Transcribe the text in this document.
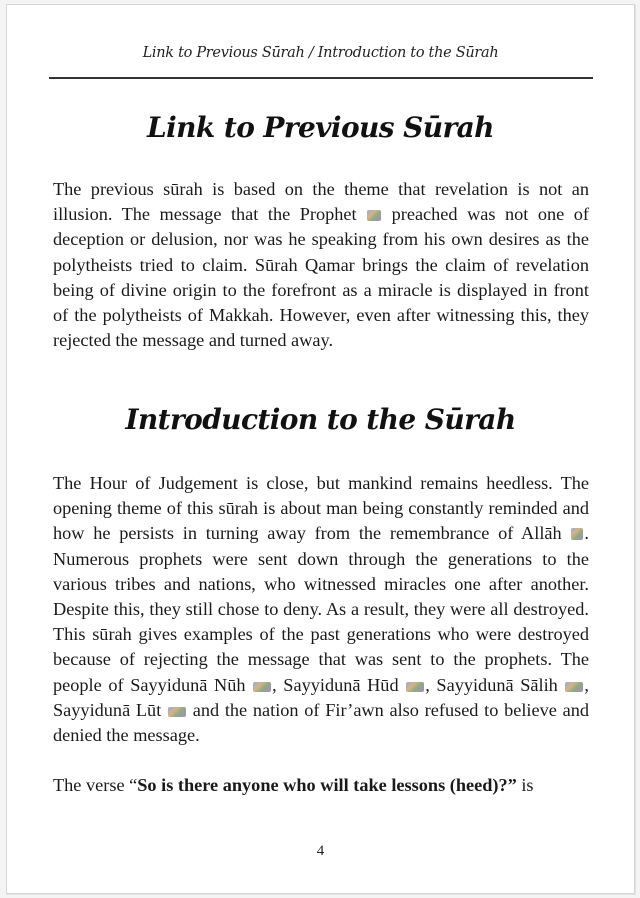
Link to Previous Sūrah / Introduction to the Sūrah
Link to Previous Sūrah

The previous sūrah is based on the theme that revelation is not an illusion. The message that the Prophet  preached was not one of deception or delusion, nor was he speaking from his own desires as the polytheists tried to claim. Sūrah Qamar brings the claim of revelation being of divine origin to the forefront as a miracle is displayed in front of the polytheists of Makkah. However, even after witnessing this, they rejected the message and turned away.

Introduction to the Sūrah

The Hour of Judgement is close, but mankind remains heedless. The opening theme of this sūrah is about man being constantly reminded and how he persists in turning away from the remembrance of Allāh . Numerous prophets were sent down through the generations to the various tribes and nations, who witnessed miracles one after another. Despite this, they still chose to deny. As a result, they were all destroyed. This sūrah gives examples of the past generations who were destroyed because of rejecting the message that was sent to the prophets. The people of Sayyidunā Nūh , Sayyidunā Hūd , Sayyidunā Sālih , Sayyidunā Lūt  and the nation of Fir’awn also refused to believe and denied the message.

The verse “So is there anyone who will take lessons (heed)?” is

4
